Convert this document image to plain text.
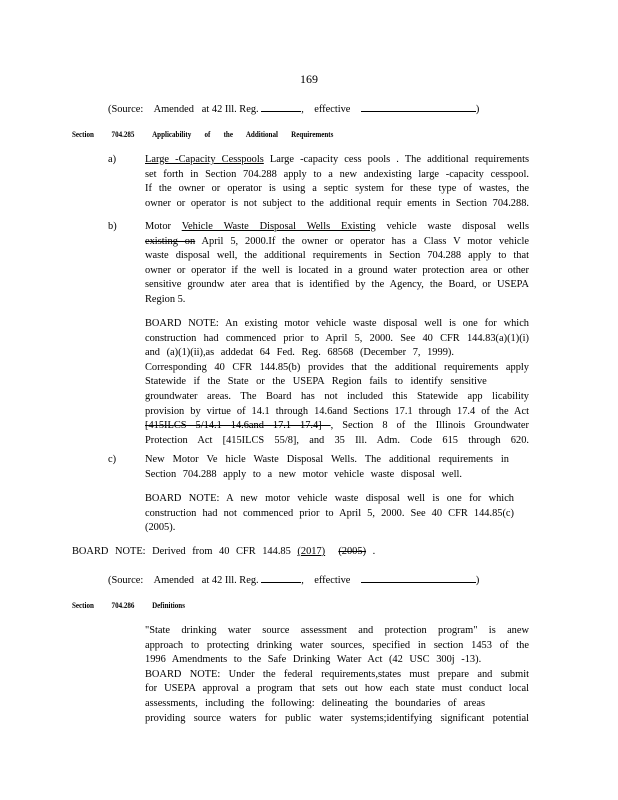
169
(Source: Amended at 42 Ill. Reg.	, effective	)
Section 704.285 Applicability of the Additional Requirements
a)	Large -Capacity Cesspools Large -capacity cess pools . The additional requirements
set forth in Section 704.288 apply to a new andexisting large -capacity cesspool.
If the owner or operator is using a septic system for these type of wastes, the
owner or operator is not subject to the additional requir ements in Section 704.288.
b)	Motor Vehicle Waste Disposal Wells Existing vehicle waste disposal wells
existing on April 5, 2000.If the owner or operator has a Class V motor vehicle
waste disposal well, the additional requirements in Section 704.288 apply to that
owner or operator if the well is located in a ground water protection area or other
sensitive groundw ater area that is identified by the Agency, the Board, or USEPA
Region 5.
BOARD NOTE: An existing motor vehicle waste disposal well is one for which
construction had commenced prior to April 5, 2000. See 40 CFR 144.83(a)(1)(i)
and (a)(1)(ii),as addedat 64 Fed. Reg. 68568 (December 7, 1999).
Corresponding 40 CFR 144.85(b) provides that the additional requirements apply
Statewide if the State or the USEPA Region fails to identify sensitive
groundwater areas. The Board has not included this Statewide app licability
provision by virtue of 14.1 through 14.6and Sections 17.1 through 17.4 of the Act
[415ILCS 5/14.1 14.6and 17.1 17.4] , Section 8 of the Illinois Groundwater
Protection Act [415ILCS 55/8], and 35 Ill. Adm. Code 615 through 620.
c)	New Motor Ve hicle Waste Disposal Wells. The additional requirements in
Section 704.288 apply to a new motor vehicle waste disposal well.
BOARD NOTE: A new motor vehicle waste disposal well is one for which
construction had not commenced prior to April 5, 2000. See 40 CFR 144.85(c)
(2005).
BOARD NOTE: Derived from 40 CFR 144.85 (2017) (2005) .
(Source: Amended at 42 Ill. Reg.	, effective	)
Section 704.286 Definitions
"State drinking water source assessment and protection program" is anew
approach to protecting drinking water sources, specified in section 1453 of the
1996 Amendments to the Safe Drinking Water Act (42 USC 300j -13).
BOARD NOTE: Under the federal requirements,states must prepare and submit
for USEPA approval a program that sets out how each state must conduct local
assessments, including the following: delineating the boundaries of areas
providing source waters for public water systems;identifying significant potential
